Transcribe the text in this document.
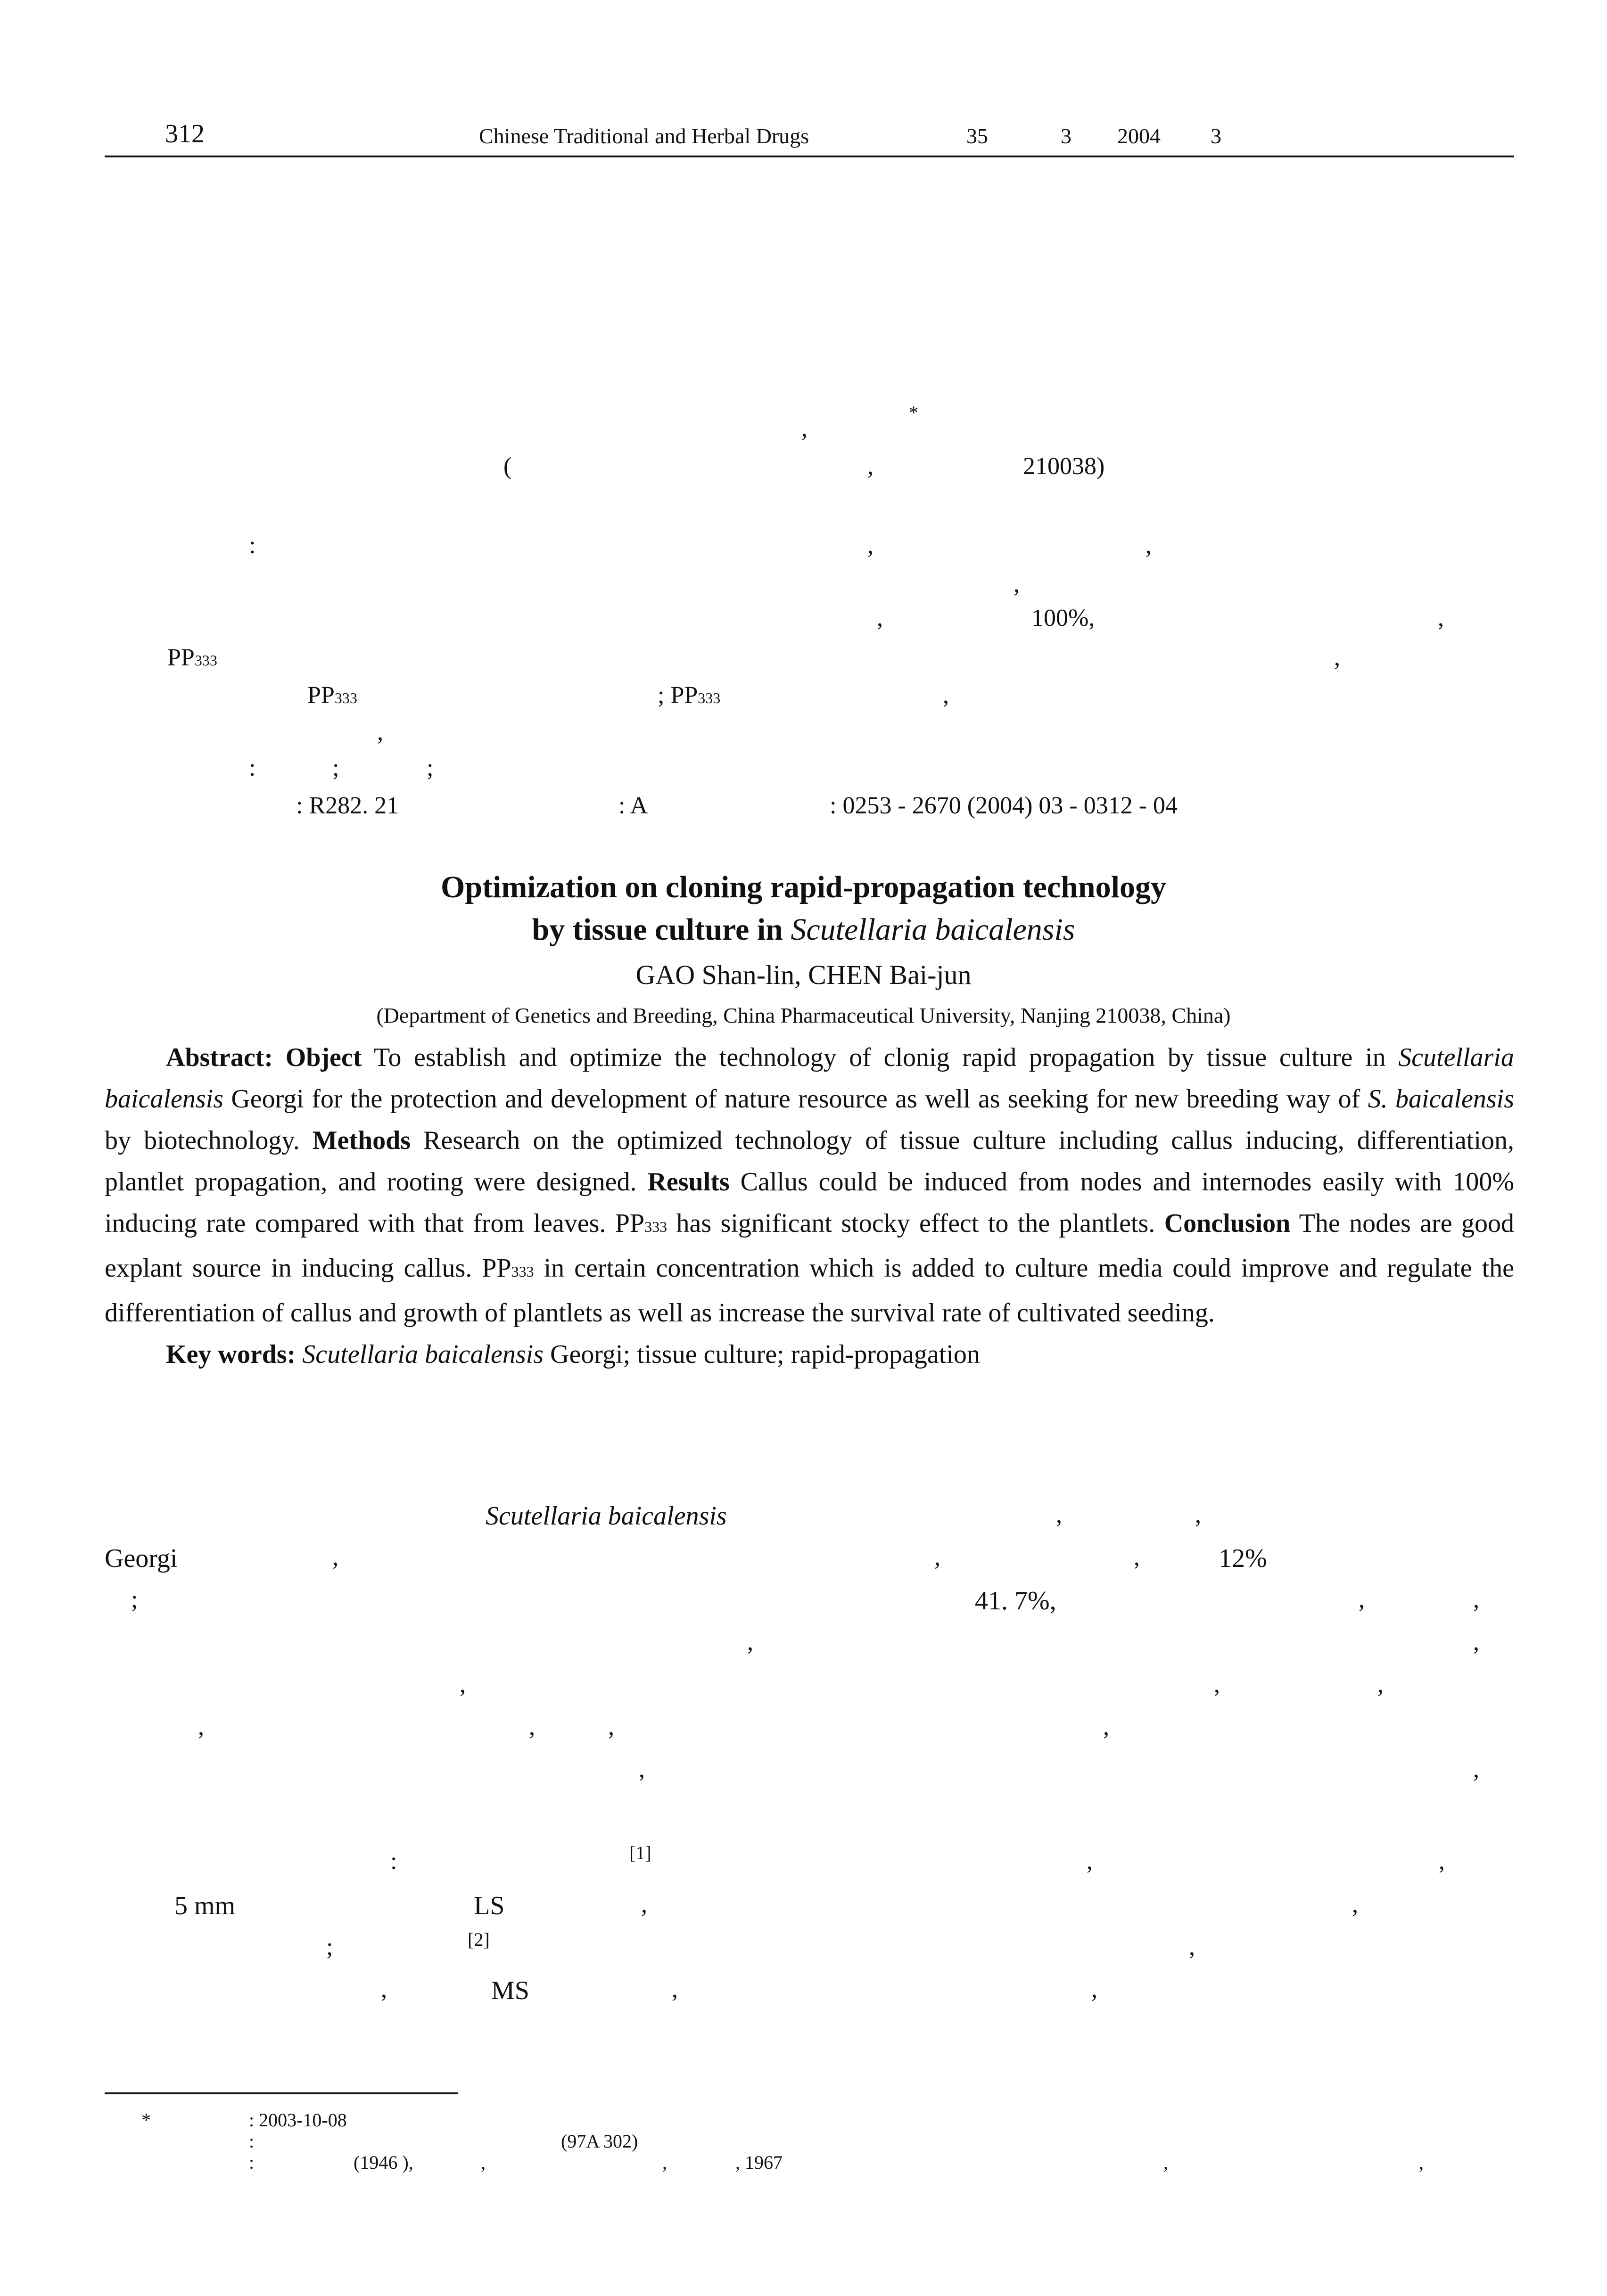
312	Chinese Traditional and Herbal Drugs	35	3 2004 3
*
,
(	,	210038)
:	,	,
,
,	100%,	,
PP333	,
PP333	; PP333	,
,
:	;	;
: R282. 21	: A	: 0253 - 2670 (2004) 03 - 0312 - 04
Optimization on cloning rapid-propagation technology
by tissue culture in Scutellaria baicalensis
GAO Shan-lin, CHEN Bai-jun
(Department of Genetics and Breeding, China Pharmaceutical University, Nanjing 210038, China)

Abstract: Object To establish and optimize the technology of clonig rapid propagation by tissue culture in Scutellaria baicalensis Georgi for the protection and development of nature resource as well as seeking for new breeding way of S. baicalensis by biotechnology. Methods Research on the optimized technology of tissue culture including callus inducing, differentiation, plantlet propagation, and rooting were designed. Results Callus could be induced from nodes and internodes easily with 100% inducing rate compared with that from leaves. PP333 has significant stocky effect to the plantlets. Conclusion The nodes are good explant source in inducing callus. PP333 in certain concentration which is added to culture media could improve and regulate the differentiation of callus and growth of plantlets as well as increase the survival rate of cultivated seeding.

Key words: Scutellaria baicalensis Georgi; tissue culture; rapid-propagation

Scutellaria baicalensis	,	,
Georgi	,	,	,	12%
;	41. 7%,	,	,
,	,
,	,	,
,	,	,	,
,	,
:	[1]	,	,
5 mm	LS	,	,
;	[2]	,
,	MS	,	,
*	: 2003-10-08
:	(97A 302)
:	(1946 ),	,	,	, 1967	,	,
